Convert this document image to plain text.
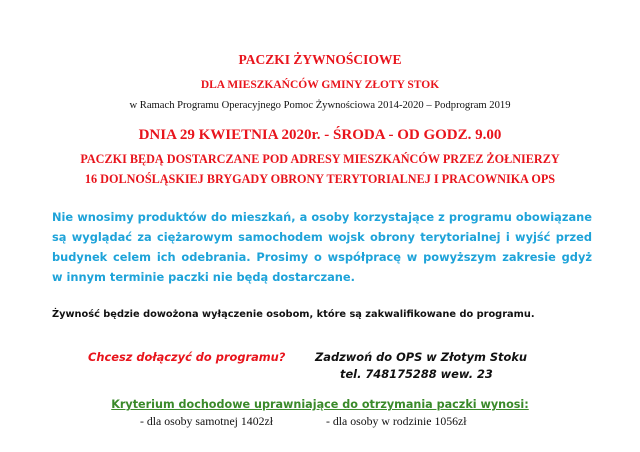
PACZKI ŻYWNOŚCIOWE
DLA MIESZKAŃCÓW GMINY ZŁOTY STOK
w Ramach Programu Operacyjnego Pomoc Żywnościowa 2014-2020 – Podprogram 2019
DNIA 29 KWIETNIA 2020r. - ŚRODA - OD GODZ. 9.00
PACZKI BĘDĄ DOSTARCZANE POD ADRESY MIESZKAŃCÓW PRZEZ ŻOŁNIERZY
16 DOLNOŚLĄSKIEJ BRYGADY OBRONY TERYTORIALNEJ I PRACOWNIKA OPS
Nie wnosimy produktów do mieszkań, a osoby korzystające z programu obowiązane
są wyglądać za ciężarowym samochodem wojsk obrony terytorialnej i wyjść przed
budynek celem ich odebrania. Prosimy o współpracę w powyższym zakresie gdyż
w innym terminie paczki nie będą dostarczane.
Żywność będzie dowożona wyłączenie osobom, które są zakwalifikowane do programu.
Chcesz dołączyć do programu?	Zadzwoń do OPS w Złotym Stoku
tel. 748175288 wew. 23
Kryterium dochodowe uprawniające do otrzymania paczki wynosi:
- dla osoby samotnej 1402zł	- dla osoby w rodzinie 1056zł
